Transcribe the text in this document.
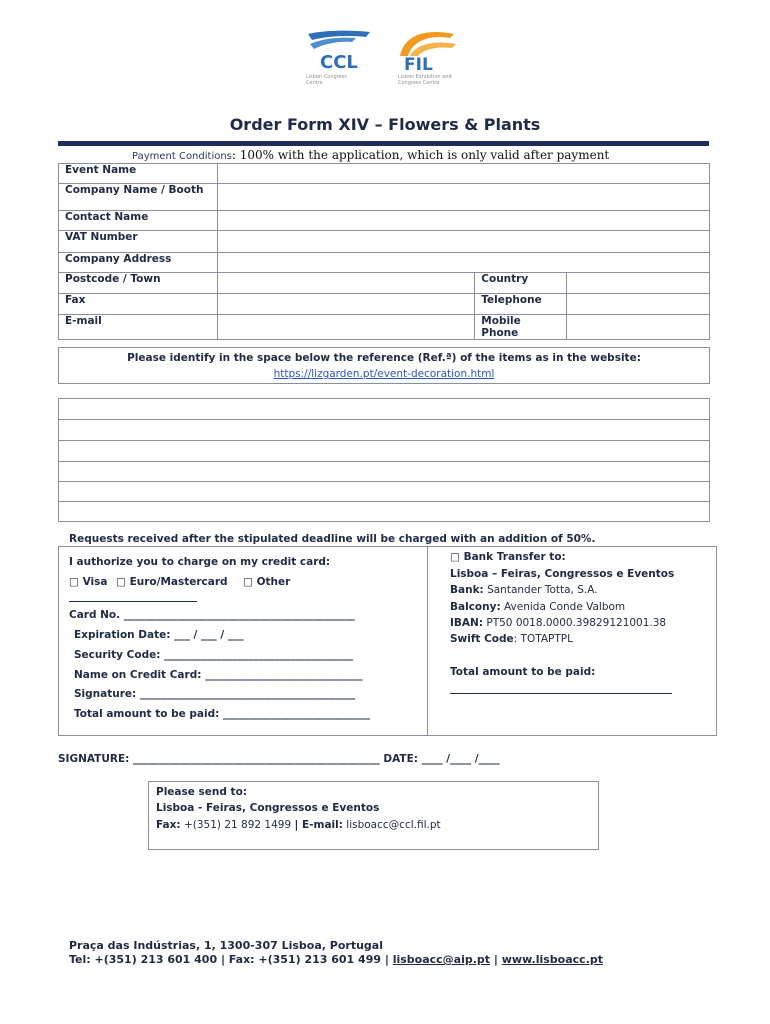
CCL
Lisbon Congress
Centre
FIL
Lisbon Exhibition and
Congress Centre
Order Form XIV – Flowers & Plants
Payment Conditions: 100% with the application, which is only valid after payment
Event Name			
Company Name / Booth			
Contact Name			
VAT Number			
Company Address			
Postcode / Town		Country	
Fax		Telephone	
E-mail		Mobile Phone	
Please identify in the space below the reference (Ref.ª) of the items as in the website:
https://lizgarden.pt/event-decoration.html
Requests received after the stipulated deadline will be charged with an addition of 50%.
I authorize you to charge on my credit card:
□ Visa □ Euro/Mastercard □ Other
Card No. ____________________________________________
Expiration Date: ___ / ___ / ___
Security Code: ____________________________________
Name on Credit Card: ______________________________
Signature: _________________________________________
Total amount to be paid: ____________________________
□ Bank Transfer to:
Lisboa – Feiras, Congressos e Eventos
Bank: Santander Totta, S.A.
Balcony: Avenida Conde Valbom
IBAN: PT50 0018.0000.39829121001.38
Swift Code: TOTAPTPL
Total amount to be paid:
SIGNATURE: _______________________________________________ DATE: ____ /____ /____
Please send to:
Lisboa - Feiras, Congressos e Eventos
Fax: +(351) 21 892 1499 | E-mail: lisboacc@ccl.fil.pt
Praça das Indústrias, 1, 1300-307 Lisboa, Portugal
Tel: +(351) 213 601 400 | Fax: +(351) 213 601 499 | lisboacc@aip.pt | www.lisboacc.pt
